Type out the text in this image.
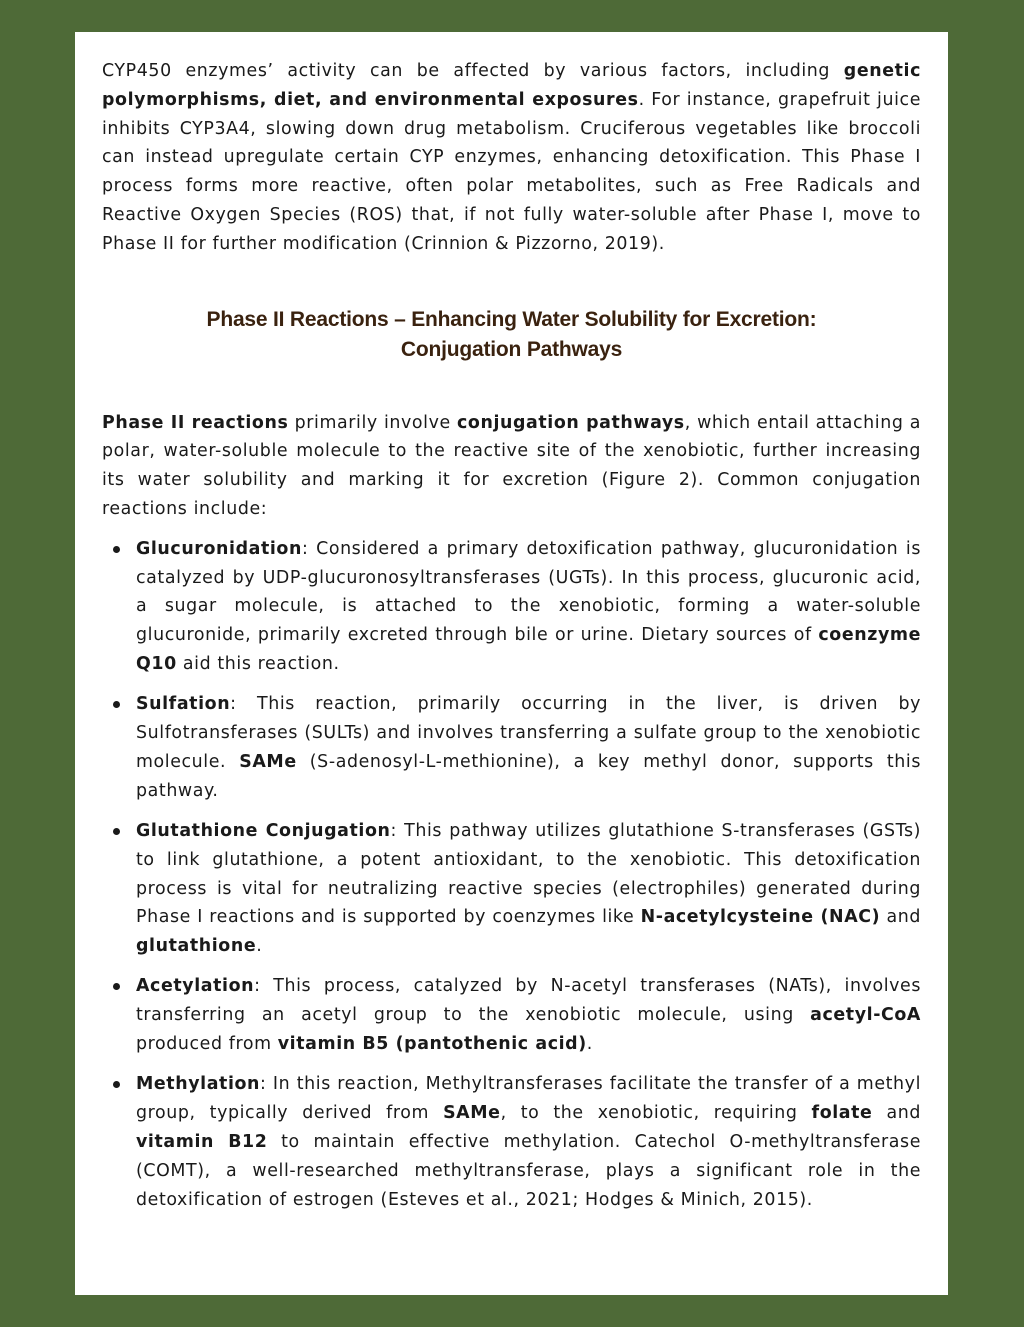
CYP450 enzymes’ activity can be affected by various factors, including genetic polymorphisms, diet, and environmental exposures. For instance, grapefruit juice inhibits CYP3A4, slowing down drug metabolism. Cruciferous vegetables like broccoli can instead upregulate certain CYP enzymes, enhancing detoxification. This Phase I process forms more reactive, often polar metabolites, such as Free Radicals and Reactive Oxygen Species (ROS) that, if not fully water-soluble after Phase I, move to Phase II for further modification (Crinnion & Pizzorno, 2019).

Phase II Reactions – Enhancing Water Solubility for Excretion:
Conjugation Pathways

Phase II reactions primarily involve conjugation pathways, which entail attaching a polar, water-soluble molecule to the reactive site of the xenobiotic, further increasing its water solubility and marking it for excretion (Figure 2). Common conjugation reactions include:

Glucuronidation: Considered a primary detoxification pathway, glucuronidation is catalyzed by UDP-glucuronosyltransferases (UGTs). In this process, glucuronic acid, a sugar molecule, is attached to the xenobiotic, forming a water-soluble glucuronide, primarily excreted through bile or urine. Dietary sources of coenzyme Q10 aid this reaction.
Sulfation: This reaction, primarily occurring in the liver, is driven by Sulfotransferases (SULTs) and involves transferring a sulfate group to the xenobiotic molecule. SAMe (S-adenosyl-L-methionine), a key methyl donor, supports this pathway.
Glutathione Conjugation: This pathway utilizes glutathione S-transferases (GSTs) to link glutathione, a potent antioxidant, to the xenobiotic. This detoxification process is vital for neutralizing reactive species (electrophiles) generated during Phase I reactions and is supported by coenzymes like N-acetylcysteine (NAC) and glutathione.
Acetylation: This process, catalyzed by N-acetyl transferases (NATs), involves transferring an acetyl group to the xenobiotic molecule, using acetyl-CoA produced from vitamin B5 (pantothenic acid).
Methylation: In this reaction, Methyltransferases facilitate the transfer of a methyl group, typically derived from SAMe, to the xenobiotic, requiring folate and vitamin B12 to maintain effective methylation. Catechol O-methyltransferase (COMT), a well-researched methyltransferase, plays a significant role in the detoxification of estrogen (Esteves et al., 2021; Hodges & Minich, 2015).
